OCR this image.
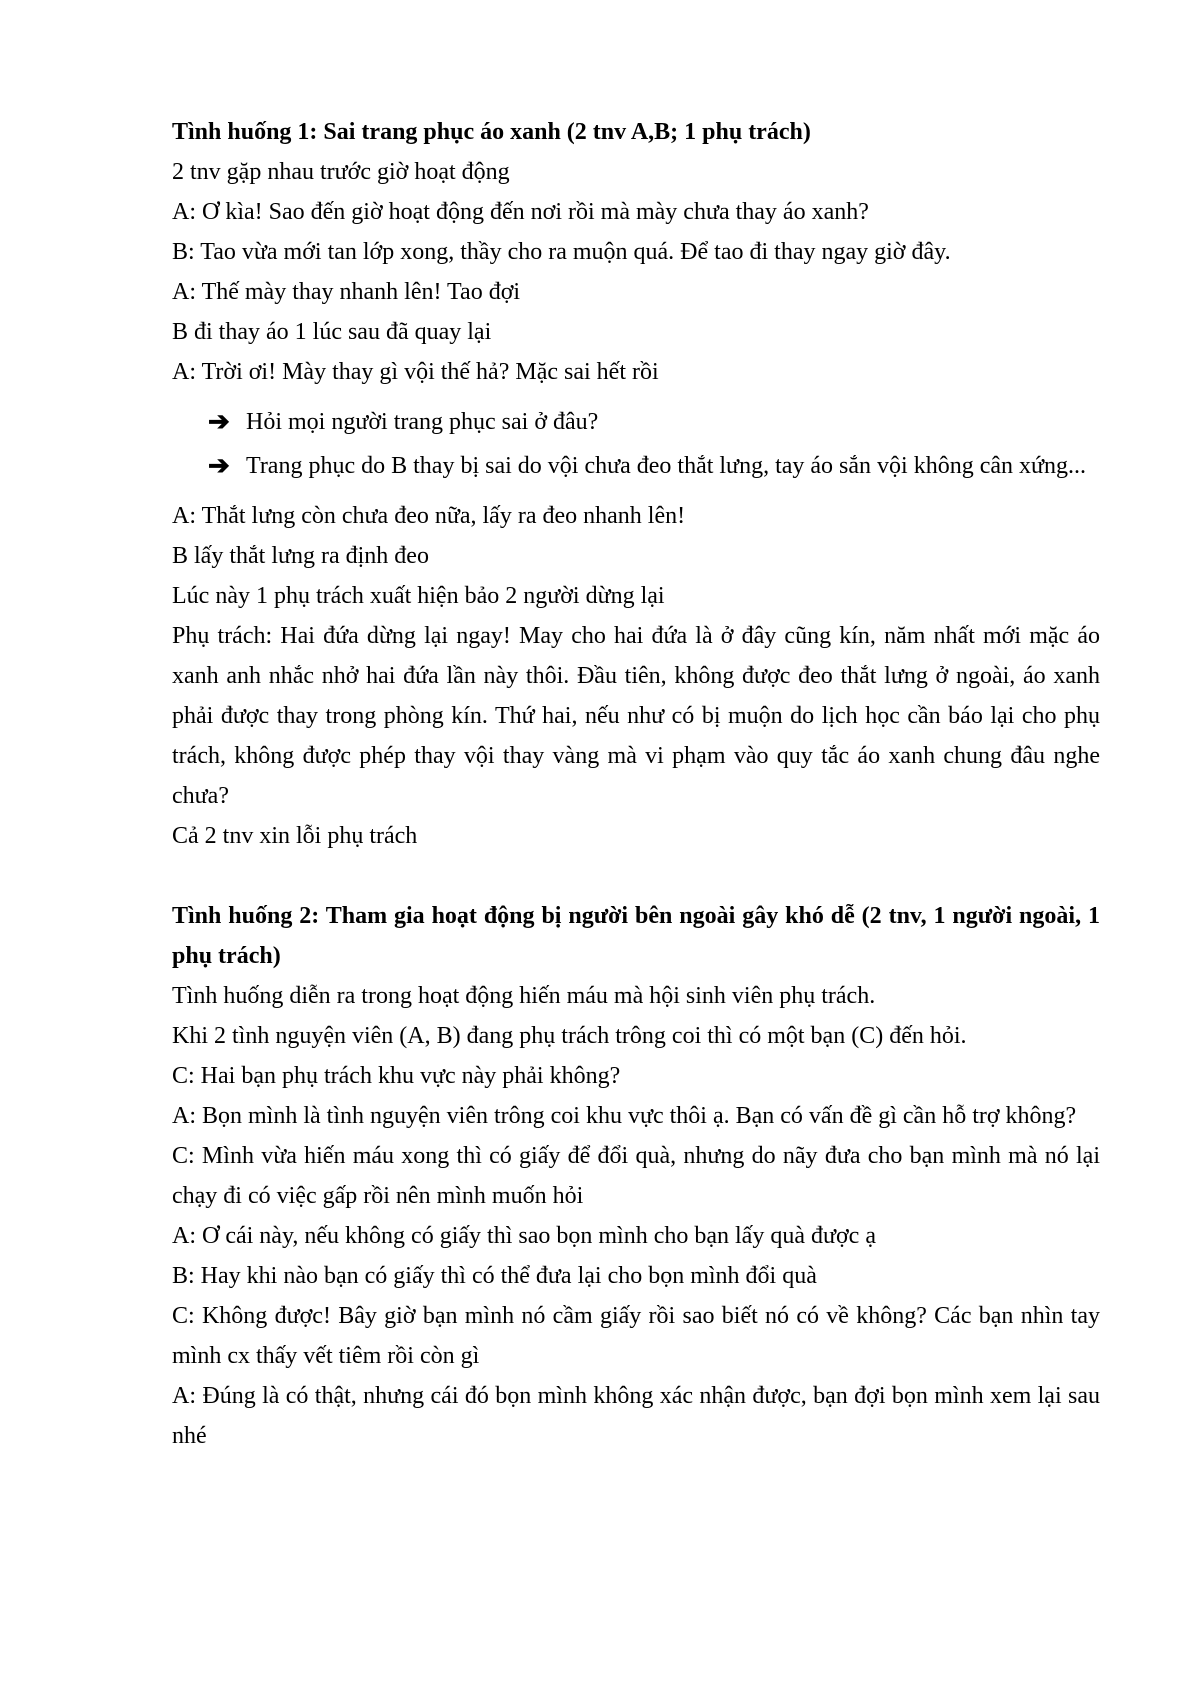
Tình huống 1: Sai trang phục áo xanh (2 tnv A,B; 1 phụ trách)

2 tnv gặp nhau trước giờ hoạt động

A: Ơ kìa! Sao đến giờ hoạt động đến nơi rồi mà mày chưa thay áo xanh?

B: Tao vừa mới tan lớp xong, thầy cho ra muộn quá. Để tao đi thay ngay giờ đây.

A: Thế mày thay nhanh lên! Tao đợi

B đi thay áo 1 lúc sau đã quay lại

A: Trời ơi! Mày thay gì vội thế hả? Mặc sai hết rồi

➔ Hỏi mọi người trang phục sai ở đâu?
➔ Trang phục do B thay bị sai do vội chưa đeo thắt lưng, tay áo sắn vội không cân xứng...

A: Thắt lưng còn chưa đeo nữa, lấy ra đeo nhanh lên!

B lấy thắt lưng ra định đeo

Lúc này 1 phụ trách xuất hiện bảo 2 người dừng lại

Phụ trách: Hai đứa dừng lại ngay! May cho hai đứa là ở đây cũng kín, năm nhất mới mặc áo xanh anh nhắc nhở hai đứa lần này thôi. Đầu tiên, không được đeo thắt lưng ở ngoài, áo xanh phải được thay trong phòng kín. Thứ hai, nếu như có bị muộn do lịch học cần báo lại cho phụ trách, không được phép thay vội thay vàng mà vi phạm vào quy tắc áo xanh chung đâu nghe chưa?

Cả 2 tnv xin lỗi phụ trách

Tình huống 2: Tham gia hoạt động bị người bên ngoài gây khó dễ (2 tnv, 1 người ngoài, 1 phụ trách)

Tình huống diễn ra trong hoạt động hiến máu mà hội sinh viên phụ trách.

Khi 2 tình nguyện viên (A, B) đang phụ trách trông coi thì có một bạn (C) đến hỏi.

C: Hai bạn phụ trách khu vực này phải không?

A: Bọn mình là tình nguyện viên trông coi khu vực thôi ạ. Bạn có vấn đề gì cần hỗ trợ không?

C: Mình vừa hiến máu xong thì có giấy để đổi quà, nhưng do nãy đưa cho bạn mình mà nó lại chạy đi có việc gấp rồi nên mình muốn hỏi

A: Ơ cái này, nếu không có giấy thì sao bọn mình cho bạn lấy quà được ạ

B: Hay khi nào bạn có giấy thì có thể đưa lại cho bọn mình đổi quà

C: Không được! Bây giờ bạn mình nó cầm giấy rồi sao biết nó có về không? Các bạn nhìn tay mình cx thấy vết tiêm rồi còn gì

A: Đúng là có thật, nhưng cái đó bọn mình không xác nhận được, bạn đợi bọn mình xem lại sau nhé
